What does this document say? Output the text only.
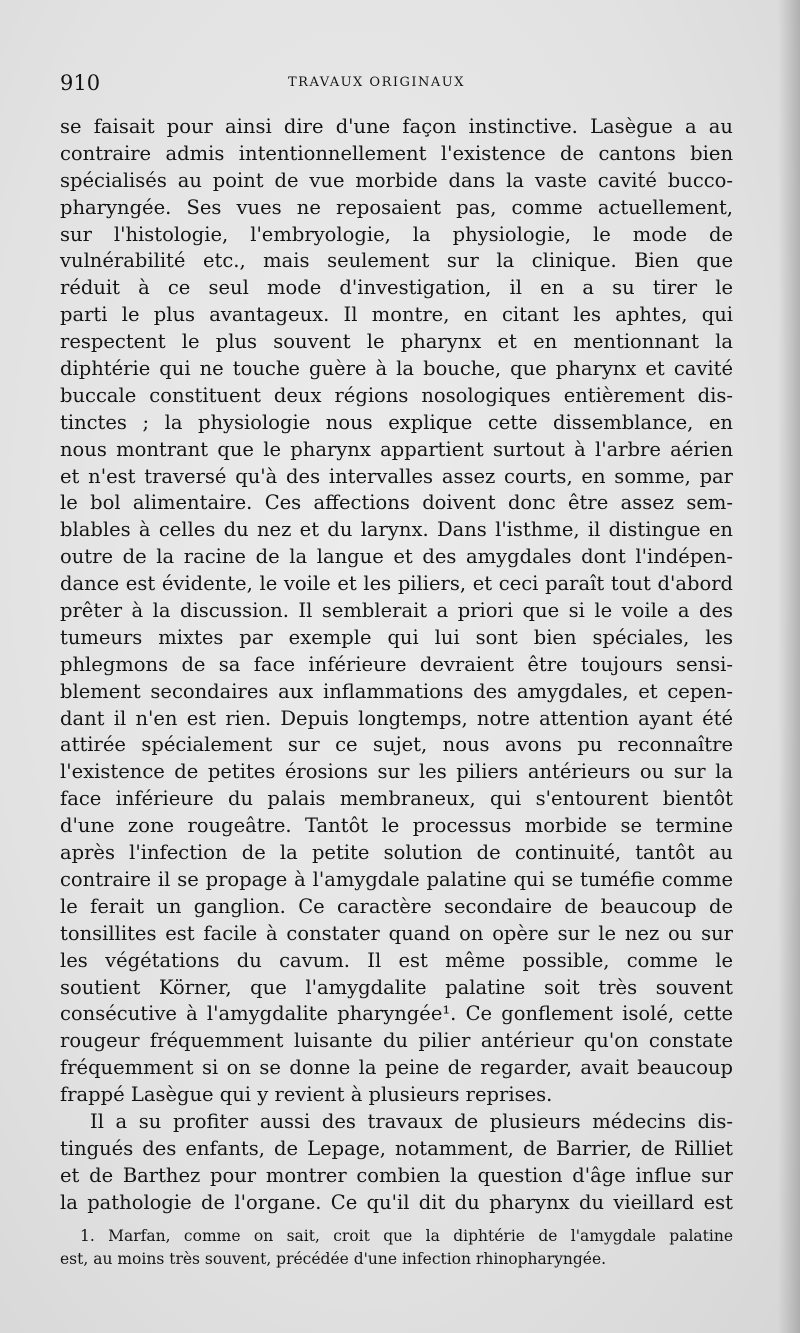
910	TRAVAUX ORIGINAUX
se faisait pour ainsi dire d'une façon instinctive. Lasègue a au
contraire admis intentionnellement l'existence de cantons bien
spécialisés au point de vue morbide dans la vaste cavité bucco-
pharyngée. Ses vues ne reposaient pas, comme actuellement,
sur l'histologie, l'embryologie, la physiologie, le mode de
vulnérabilité etc., mais seulement sur la clinique. Bien que
réduit à ce seul mode d'investigation, il en a su tirer le
parti le plus avantageux. Il montre, en citant les aphtes, qui
respectent le plus souvent le pharynx et en mentionnant la
diphtérie qui ne touche guère à la bouche, que pharynx et cavité
buccale constituent deux régions nosologiques entièrement dis-
tinctes ; la physiologie nous explique cette dissemblance, en
nous montrant que le pharynx appartient surtout à l'arbre aérien
et n'est traversé qu'à des intervalles assez courts, en somme, par
le bol alimentaire. Ces affections doivent donc être assez sem-
blables à celles du nez et du larynx. Dans l'isthme, il distingue en
outre de la racine de la langue et des amygdales dont l'indépen-
dance est évidente, le voile et les piliers, et ceci paraît tout d'abord
prêter à la discussion. Il semblerait a priori que si le voile a des
tumeurs mixtes par exemple qui lui sont bien spéciales, les
phlegmons de sa face inférieure devraient être toujours sensi-
blement secondaires aux inflammations des amygdales, et cepen-
dant il n'en est rien. Depuis longtemps, notre attention ayant été
attirée spécialement sur ce sujet, nous avons pu reconnaître
l'existence de petites érosions sur les piliers antérieurs ou sur la
face inférieure du palais membraneux, qui s'entourent bientôt
d'une zone rougeâtre. Tantôt le processus morbide se termine
après l'infection de la petite solution de continuité, tantôt au
contraire il se propage à l'amygdale palatine qui se tuméfie comme
le ferait un ganglion. Ce caractère secondaire de beaucoup de
tonsillites est facile à constater quand on opère sur le nez ou sur
les végétations du cavum. Il est même possible, comme le
soutient Körner, que l'amygdalite palatine soit très souvent
consécutive à l'amygdalite pharyngée¹. Ce gonflement isolé, cette
rougeur fréquemment luisante du pilier antérieur qu'on constate
fréquemment si on se donne la peine de regarder, avait beaucoup
frappé Lasègue qui y revient à plusieurs reprises.
Il a su profiter aussi des travaux de plusieurs médecins dis-
tingués des enfants, de Lepage, notamment, de Barrier, de Rilliet
et de Barthez pour montrer combien la question d'âge influe sur
la pathologie de l'organe. Ce qu'il dit du pharynx du vieillard est
1. Marfan, comme on sait, croit que la diphtérie de l'amygdale palatine
est, au moins très souvent, précédée d'une infection rhinopharyngée.
